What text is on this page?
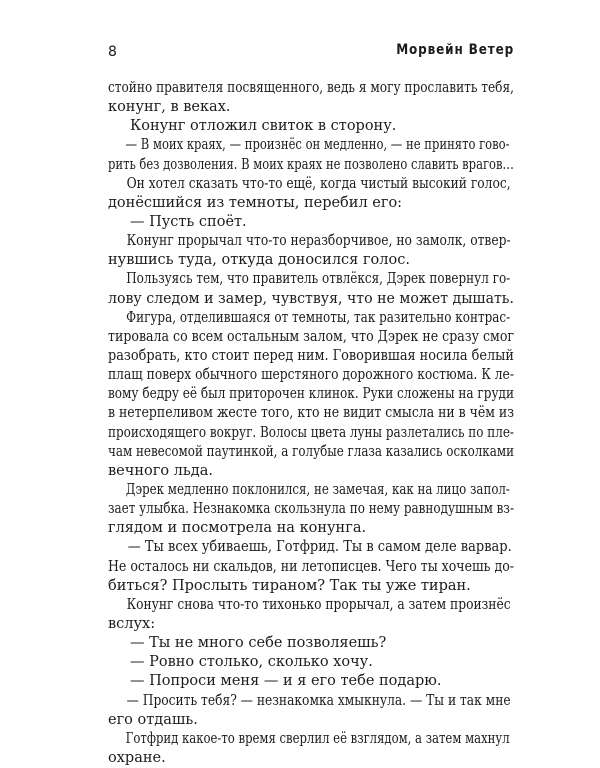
8	Морвейн Ветер
стойно правителя посвященного, ведь я могу прославить тебя,
конунг, в веках.
Конунг отложил свиток в сторону.
— В моих краях, — произнёс он медленно, — не принято гово-
рить без дозволения. В моих краях не позволено славить врагов…
Он хотел сказать что-то ещё, когда чистый высокий голос,
донёсшийся из темноты, перебил его:
— Пусть споёт.
Конунг прорычал что-то неразборчивое, но замолк, отвер-
нувшись туда, откуда доносился голос.
Пользуясь тем, что правитель отвлёкся, Дэрек повернул го-
лову следом и замер, чувствуя, что не может дышать.
Фигура, отделившаяся от темноты, так разительно контрас-
тировала со всем остальным залом, что Дэрек не сразу смог
разобрать, кто стоит перед ним. Говорившая носила белый
плащ поверх обычного шерстяного дорожного костюма. К ле-
вому бедру её был приторочен клинок. Руки сложены на груди
в нетерпеливом жесте того, кто не видит смысла ни в чём из
происходящего вокруг. Волосы цвета луны разлетались по пле-
чам невесомой паутинкой, а голубые глаза казались осколками
вечного льда.
Дэрек медленно поклонился, не замечая, как на лицо запол-
зает улыбка. Незнакомка скользнула по нему равнодушным вз-
глядом и посмотрела на конунга.
— Ты всех убиваешь, Готфрид. Ты в самом деле варвар.
Не осталось ни скальдов, ни летописцев. Чего ты хочешь до-
биться? Прослыть тираном? Так ты уже тиран.
Конунг снова что-то тихонько прорычал, а затем произнёс
вслух:
— Ты не много себе позволяешь?
— Ровно столько, сколько хочу.
— Попроси меня — и я его тебе подарю.
— Просить тебя? — незнакомка хмыкнула. — Ты и так мне
его отдашь.
Готфрид какое-то время сверлил её взглядом, а затем махнул
охране.
